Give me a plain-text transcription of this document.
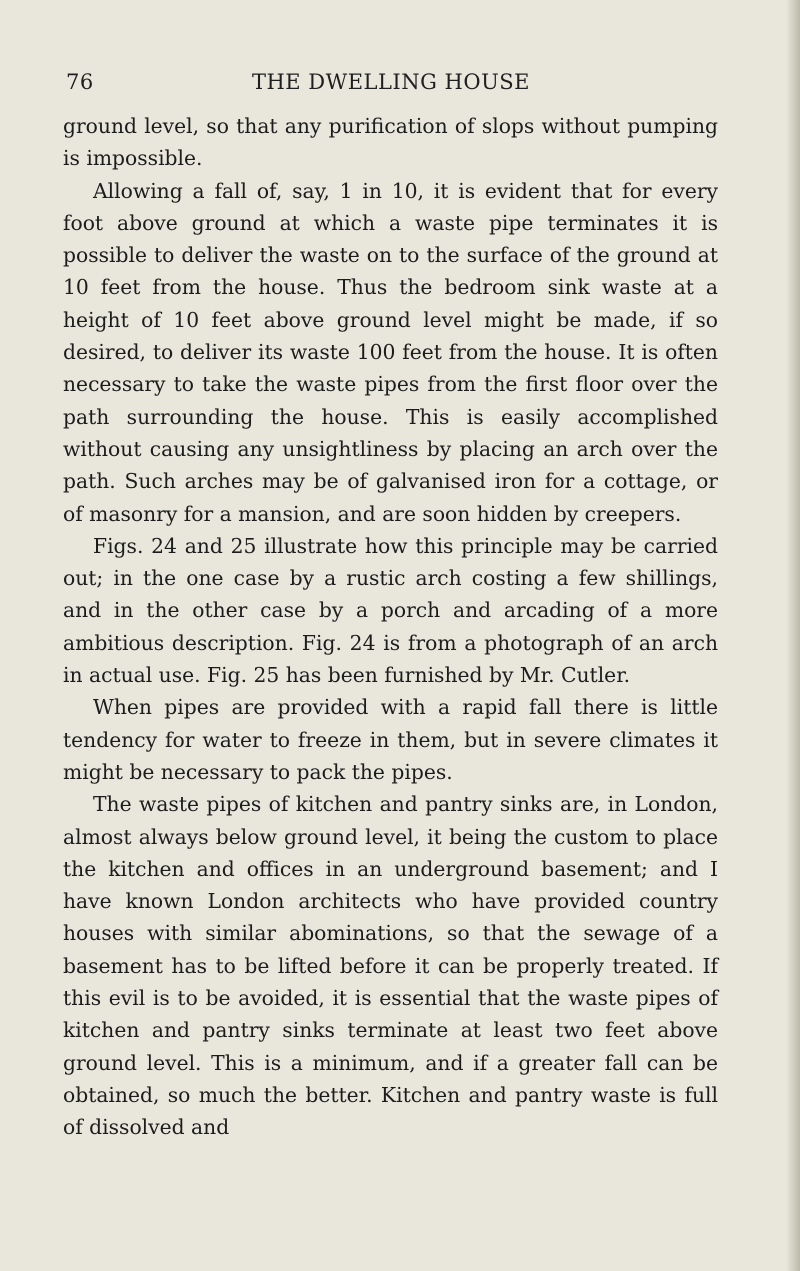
76	THE DWELLING HOUSE

ground level, so that any purification of slops without pumping is impossible.

Allowing a fall of, say, 1 in 10, it is evident that for every foot above ground at which a waste pipe terminates it is possible to deliver the waste on to the surface of the ground at 10 feet from the house. Thus the bedroom sink waste at a height of 10 feet above ground level might be made, if so desired, to deliver its waste 100 feet from the house. It is often necessary to take the waste pipes from the first floor over the path surrounding the house. This is easily accomplished without causing any unsightliness by placing an arch over the path. Such arches may be of galvanised iron for a cottage, or of masonry for a mansion, and are soon hidden by creepers.

Figs. 24 and 25 illustrate how this principle may be carried out; in the one case by a rustic arch costing a few shillings, and in the other case by a porch and arcading of a more ambitious description. Fig. 24 is from a photograph of an arch in actual use. Fig. 25 has been furnished by Mr. Cutler.

When pipes are provided with a rapid fall there is little tendency for water to freeze in them, but in severe climates it might be necessary to pack the pipes.

The waste pipes of kitchen and pantry sinks are, in London, almost always below ground level, it being the custom to place the kitchen and offices in an underground basement; and I have known London architects who have provided country houses with similar abominations, so that the sewage of a basement has to be lifted before it can be properly treated. If this evil is to be avoided, it is essential that the waste pipes of kitchen and pantry sinks terminate at least two feet above ground level. This is a minimum, and if a greater fall can be obtained, so much the better. Kitchen and pantry waste is full of dissolved and
